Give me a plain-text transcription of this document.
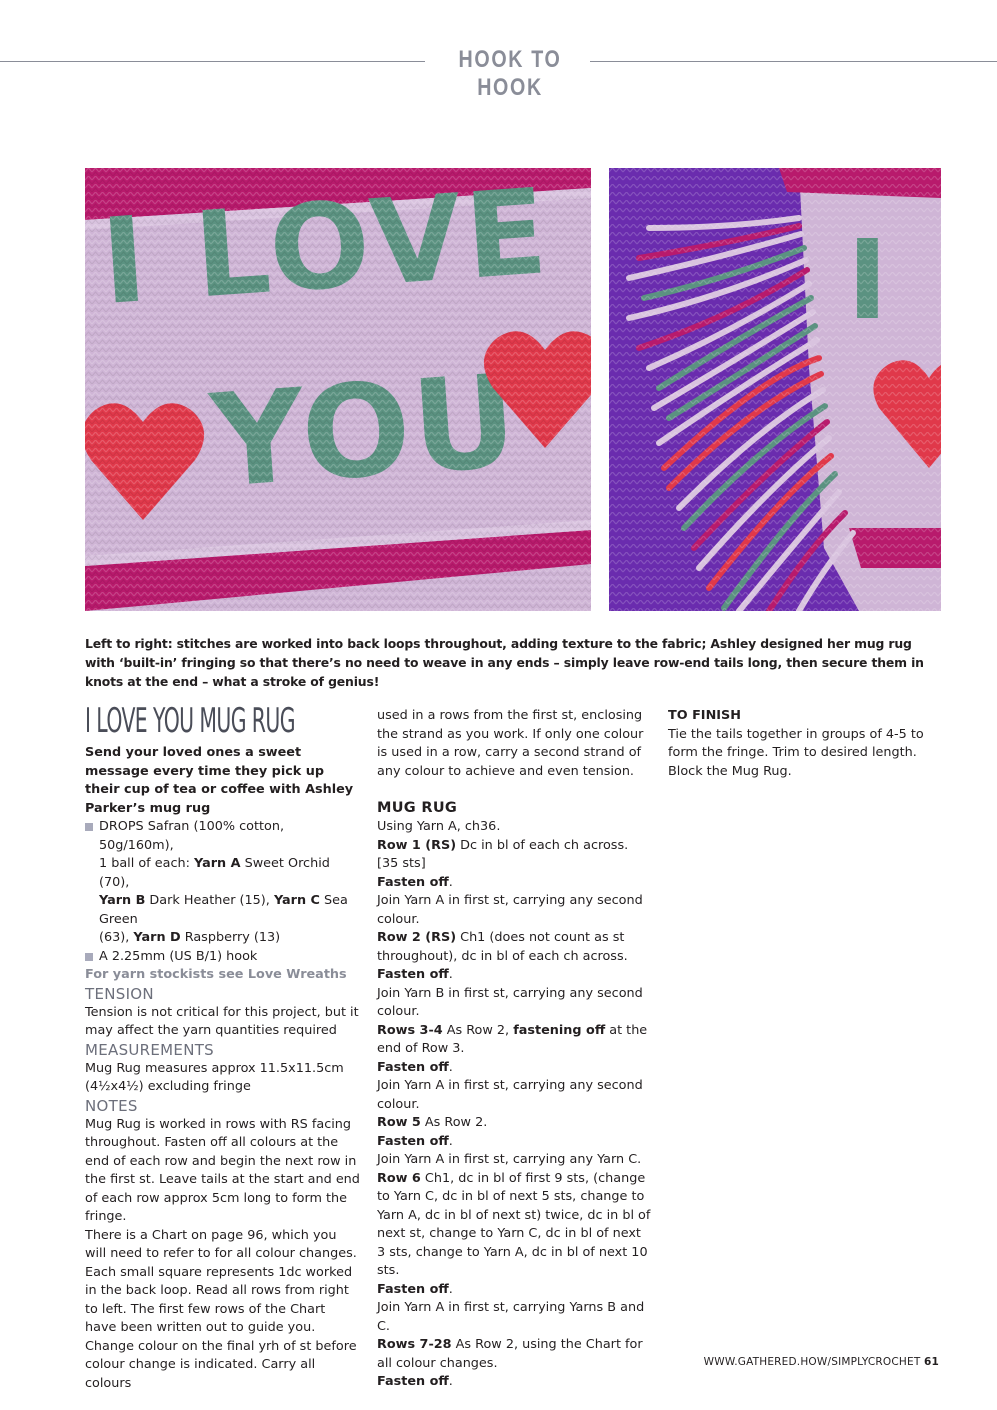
HOOK TO HOOK
Left to right: stitches are worked into back loops throughout, adding texture to the fabric; Ashley designed her mug rug with ‘built-in’ fringing so that there’s no need to weave in any ends – simply leave row-end tails long, then secure them in knots at the end – what a stroke of genius!
I LOVE YOU MUG RUG

Send your loved ones a sweet message every time they pick up their cup of tea or coffee with Ashley Parker’s mug rug

DROPS Safran (100% cotton, 50g/160m),
1 ball of each: Yarn A Sweet Orchid (70),
Yarn B Dark Heather (15), Yarn C Sea Green
(63), Yarn D Raspberry (13)
A 2.25mm (US B/1) hook

For yarn stockists see Love Wreaths

TENSION

Tension is not critical for this project, but it may affect the yarn quantities required

MEASUREMENTS

Mug Rug measures approx 11.5x11.5cm

(4½x4½) excluding fringe

NOTES

Mug Rug is worked in rows with RS facing throughout. Fasten off all colours at the end of each row and begin the next row in the first st. Leave tails at the start and end of each row approx 5cm long to form the fringe.

There is a Chart on page 96, which you will need to refer to for all colour changes. Each small square represents 1dc worked in the back loop. Read all rows from right to left. The first few rows of the Chart have been written out to guide you.

Change colour on the final yrh of st before colour change is indicated. Carry all colours

used in a rows from the first st, enclosing the strand as you work. If only one colour is used in a row, carry a second strand of any colour to achieve and even tension.

MUG RUG

Using Yarn A, ch36.

Row 1 (RS) Dc in bl of each ch across. [35 sts]

Fasten off.

Join Yarn A in first st, carrying any second colour.

Row 2 (RS) Ch1 (does not count as st throughout), dc in bl of each ch across.

Fasten off.

Join Yarn B in first st, carrying any second colour.

Rows 3-4 As Row 2, fastening off at the end of Row 3.

Fasten off.

Join Yarn A in first st, carrying any second colour.

Row 5 As Row 2.

Fasten off.

Join Yarn A in first st, carrying any Yarn C.

Row 6 Ch1, dc in bl of first 9 sts, (change to Yarn C, dc in bl of next 5 sts, change to Yarn A, dc in bl of next st) twice, dc in bl of next st, change to Yarn C, dc in bl of next 3 sts, change to Yarn A, dc in bl of next 10 sts.

Fasten off.

Join Yarn A in first st, carrying Yarns B and C.

Rows 7-28 As Row 2, using the Chart for all colour changes.

Fasten off.

TO FINISH

Tie the tails together in groups of 4-5 to form the fringe. Trim to desired length.

Block the Mug Rug.

WWW.GATHERED.HOW/SIMPLYCROCHET 61
